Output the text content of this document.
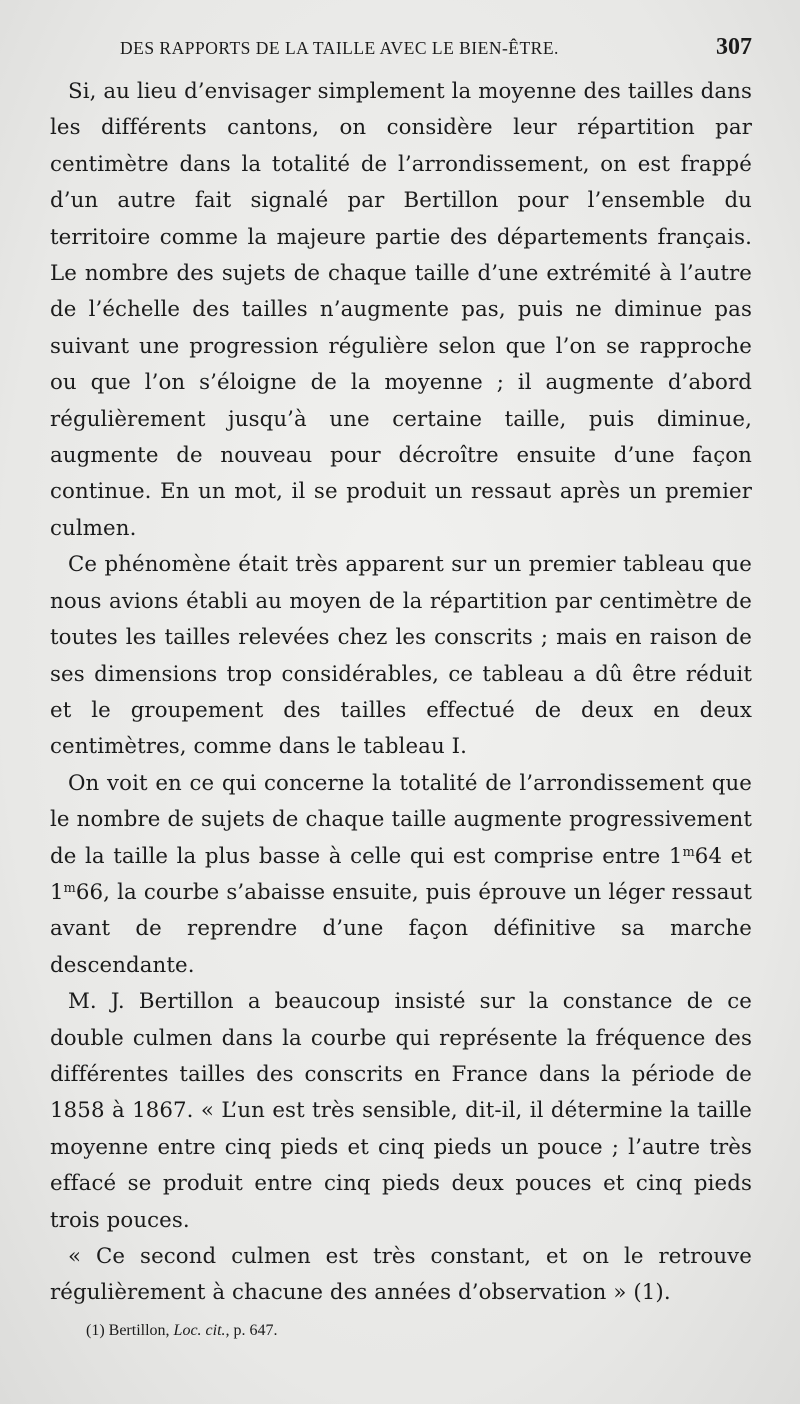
DES RAPPORTS DE LA TAILLE AVEC LE BIEN-ÊTRE.	307

Si, au lieu d’envisager simplement la moyenne des tailles dans les différents cantons, on considère leur répartition par centimètre dans la totalité de l’arrondissement, on est frappé d’un autre fait signalé par Bertillon pour l’ensemble du territoire comme la majeure partie des départements français. Le nombre des sujets de chaque taille d’une extrémité à l’autre de l’échelle des tailles n’augmente pas, puis ne diminue pas suivant une progression régulière selon que l’on se rapproche ou que l’on s’éloigne de la moyenne ; il augmente d’abord régulièrement jusqu’à une certaine taille, puis diminue, augmente de nouveau pour décroître ensuite d’une façon continue. En un mot, il se produit un ressaut après un premier culmen.

Ce phénomène était très apparent sur un premier tableau que nous avions établi au moyen de la répartition par centimètre de toutes les tailles relevées chez les conscrits ; mais en raison de ses dimensions trop considérables, ce tableau a dû être réduit et le groupement des tailles effectué de deux en deux centimètres, comme dans le tableau I.

On voit en ce qui concerne la totalité de l’arrondissement que le nombre de sujets de chaque taille augmente progressivement de la taille la plus basse à celle qui est comprise entre 1$^m$64 et 1$^m$66, la courbe s’abaisse ensuite, puis éprouve un léger ressaut avant de reprendre d’une façon définitive sa marche descendante.

M. J. Bertillon a beaucoup insisté sur la constance de ce double culmen dans la courbe qui représente la fréquence des différentes tailles des conscrits en France dans la période de 1858 à 1867. « L’un est très sensible, dit-il, il détermine la taille moyenne entre cinq pieds et cinq pieds un pouce ; l’autre très effacé se produit entre cinq pieds deux pouces et cinq pieds trois pouces.

« Ce second culmen est très constant, et on le retrouve régulièrement à chacune des années d’observation » (1).

(1) Bertillon, Loc. cit., p. 647.
